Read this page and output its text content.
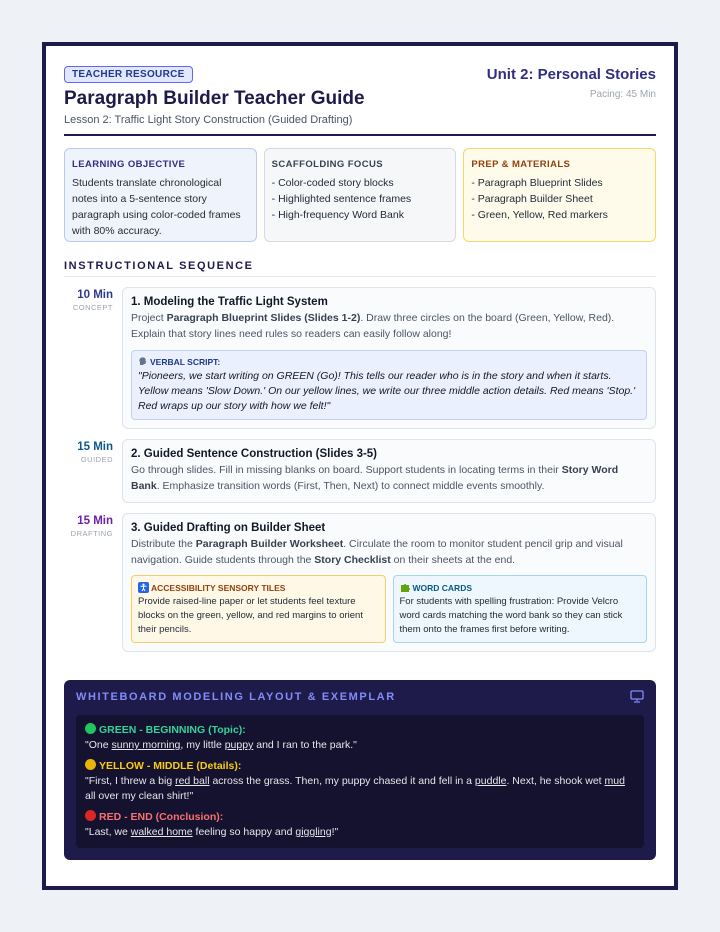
TEACHER RESOURCE	Unit 2: Personal Stories
Paragraph Builder Teacher Guide	Pacing: 45 Min
Lesson 2: Traffic Light Story Construction (Guided Drafting)
LEARNING OBJECTIVE
Students translate chronological notes into a 5-sentence story paragraph using color-coded frames with 80% accuracy.
SCAFFOLDING FOCUS
- Color-coded story blocks
- Highlighted sentence frames
- High-frequency Word Bank
PREP & MATERIALS
- Paragraph Blueprint Slides
- Paragraph Builder Sheet
- Green, Yellow, Red markers
INSTRUCTIONAL SEQUENCE
10 Min
CONCEPT 1. Modeling the Traffic Light System

Project Paragraph Blueprint Slides (Slides 1-2). Draw three circles on the board (Green, Yellow, Red). Explain that story lines need rules so readers can easily follow along!

VERBAL SCRIPT:

"Pioneers, we start writing on GREEN (Go)! This tells our reader who is in the story and when it starts. Yellow means 'Slow Down.' On our yellow lines, we write our three middle action details. Red means 'Stop.' Red wraps up our story with how we felt!"

15 Min
GUIDED 2. Guided Sentence Construction (Slides 3-5)

Go through slides. Fill in missing blanks on board. Support students in locating terms in their Story Word Bank. Emphasize transition words (First, Then, Next) to connect middle events smoothly.

15 Min
DRAFTING 3. Guided Drafting on Builder Sheet

Distribute the Paragraph Builder Worksheet. Circulate the room to monitor student pencil grip and visual navigation. Guide students through the Story Checklist on their sheets at the end.

ACCESSIBILITY SENSORY TILES
Provide raised-line paper or let students feel texture blocks on the green, yellow, and red margins to orient their pencils.
WORD CARDS
For students with spelling frustration: Provide Velcro word cards matching the word bank so they can stick them onto the frames first before writing.
WHITEBOARD MODELING LAYOUT & EXEMPLAR
GREEN - BEGINNING (Topic):

"One sunny morning, my little puppy and I ran to the park."

YELLOW - MIDDLE (Details):

"First, I threw a big red ball across the grass. Then, my puppy chased it and fell in a puddle. Next, he shook wet mud all over my clean shirt!"

RED - END (Conclusion):

"Last, we walked home feeling so happy and giggling!"
